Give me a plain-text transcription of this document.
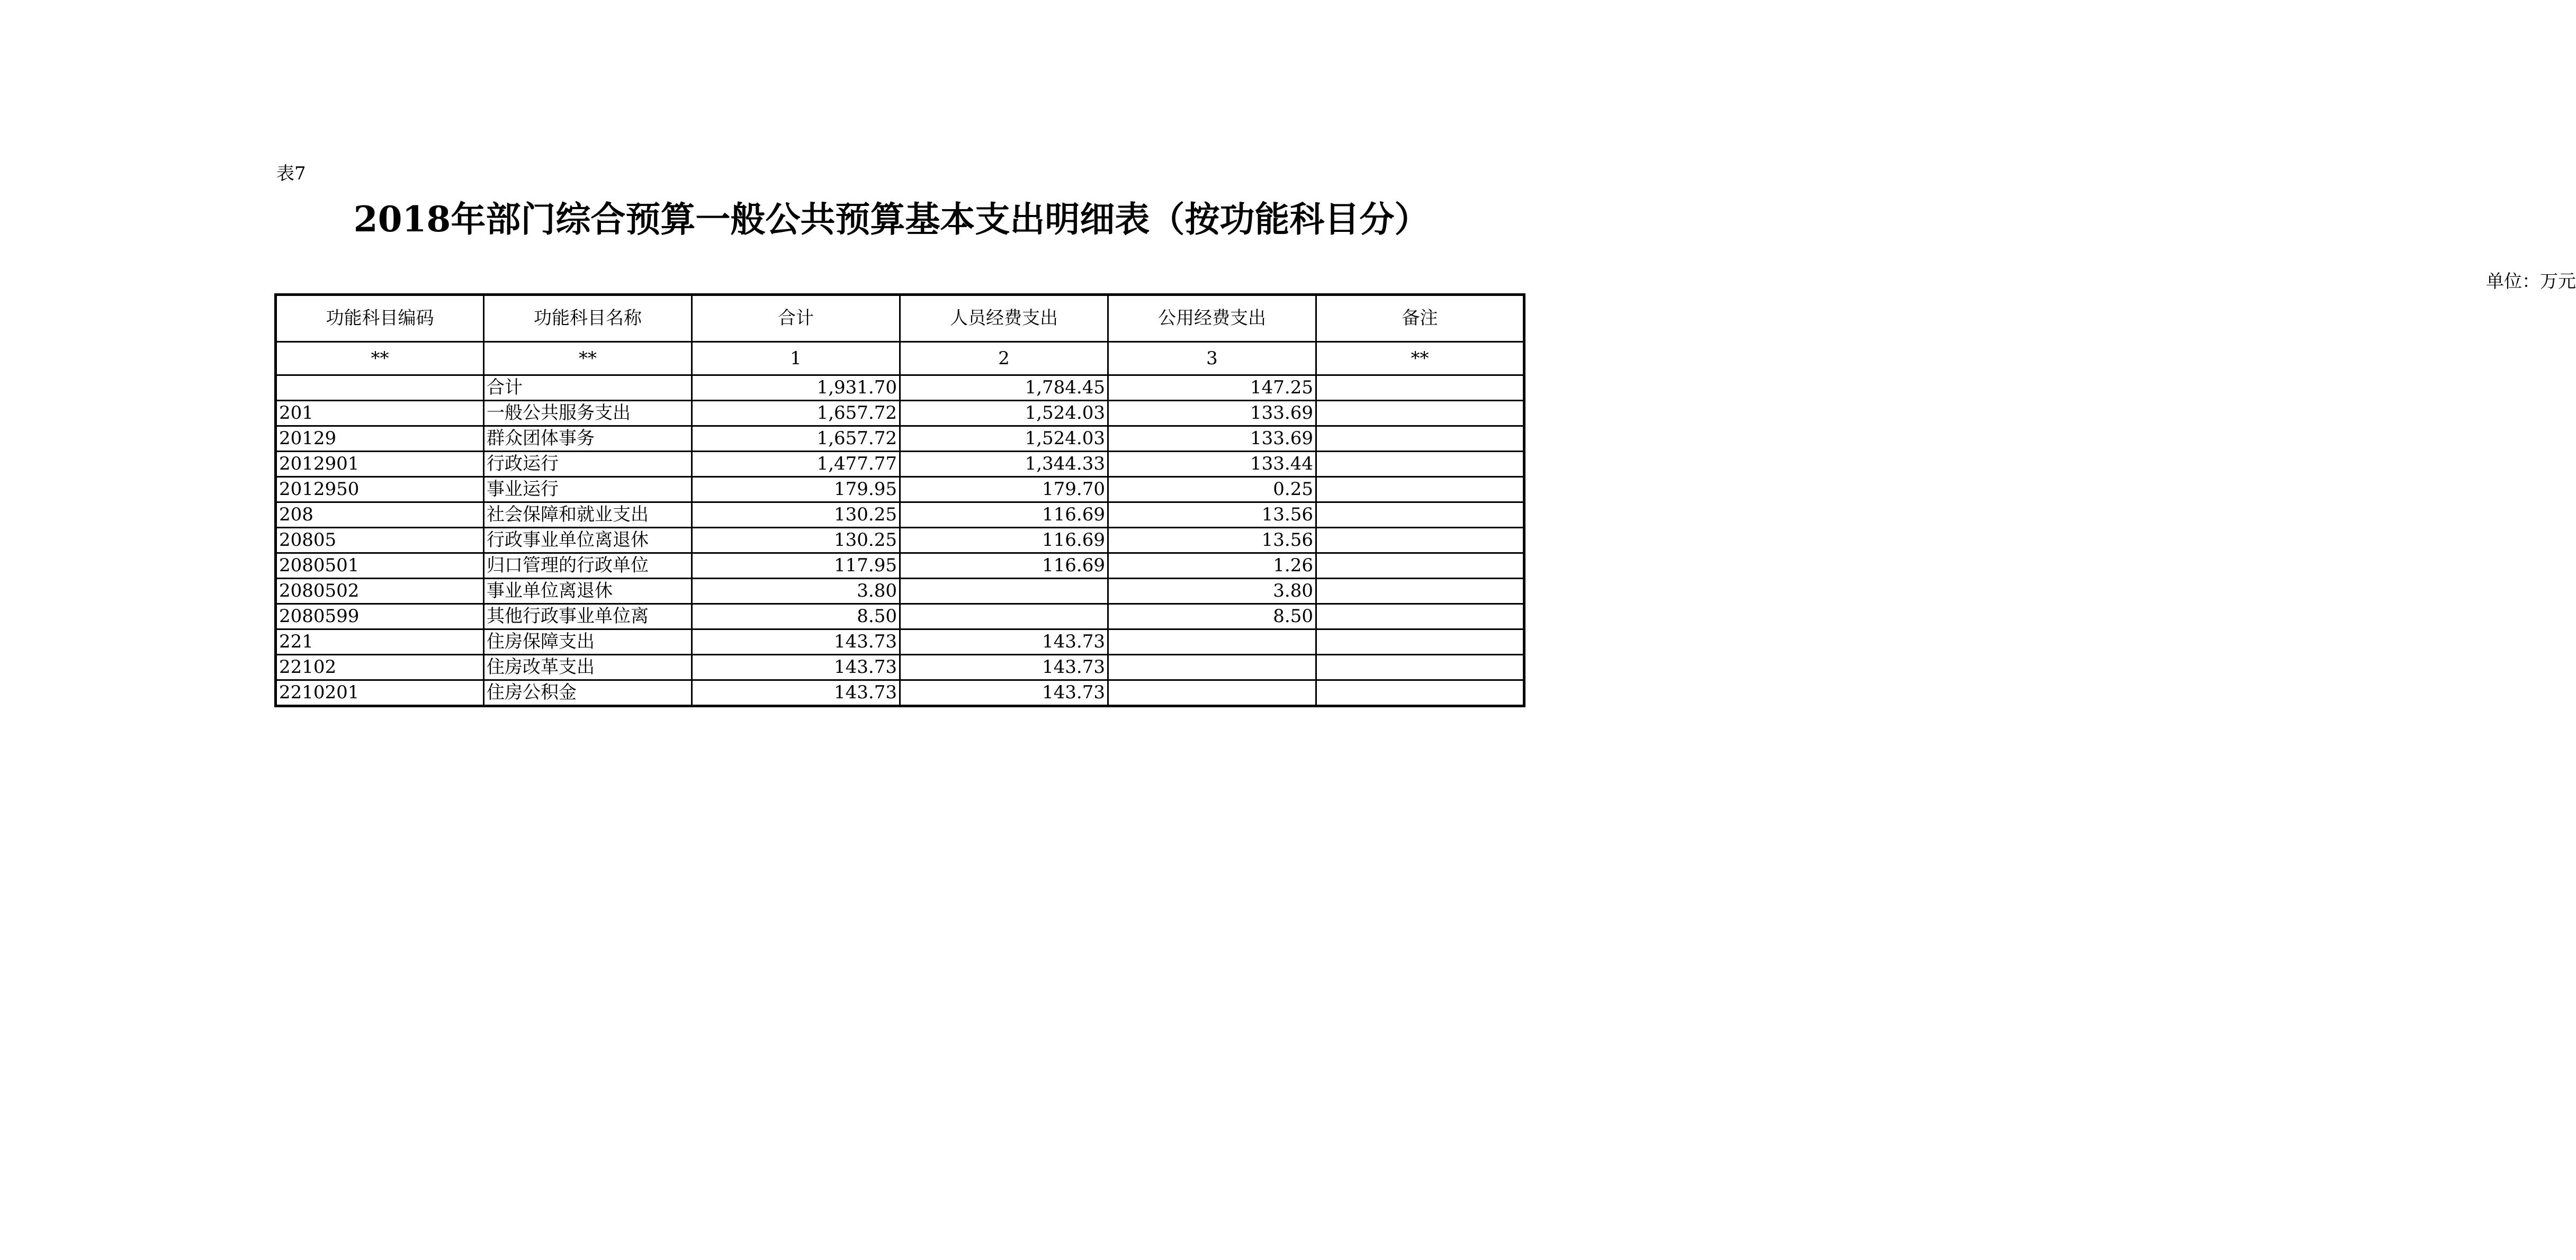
表7
2018年部门综合预算一般公共预算基本支出明细表（按功能科目分）
单位：万元
功能科目编码	功能科目名称	合计	人员经费支出	公用经费支出	备注
**	**	1	2	3	**
	合计	1,931.70	1,784.45	147.25	
201	一般公共服务支出	1,657.72	1,524.03	133.69	
20129	群众团体事务	1,657.72	1,524.03	133.69	
2012901	行政运行	1,477.77	1,344.33	133.44	
2012950	事业运行	179.95	179.70	0.25	
208	社会保障和就业支出	130.25	116.69	13.56	
20805	行政事业单位离退休	130.25	116.69	13.56	
2080501	归口管理的行政单位	117.95	116.69	1.26	
2080502	事业单位离退休	3.80		3.80	
2080599	其他行政事业单位离	8.50		8.50	
221	住房保障支出	143.73	143.73		
22102	住房改革支出	143.73	143.73		
2210201	住房公积金	143.73	143.73		
